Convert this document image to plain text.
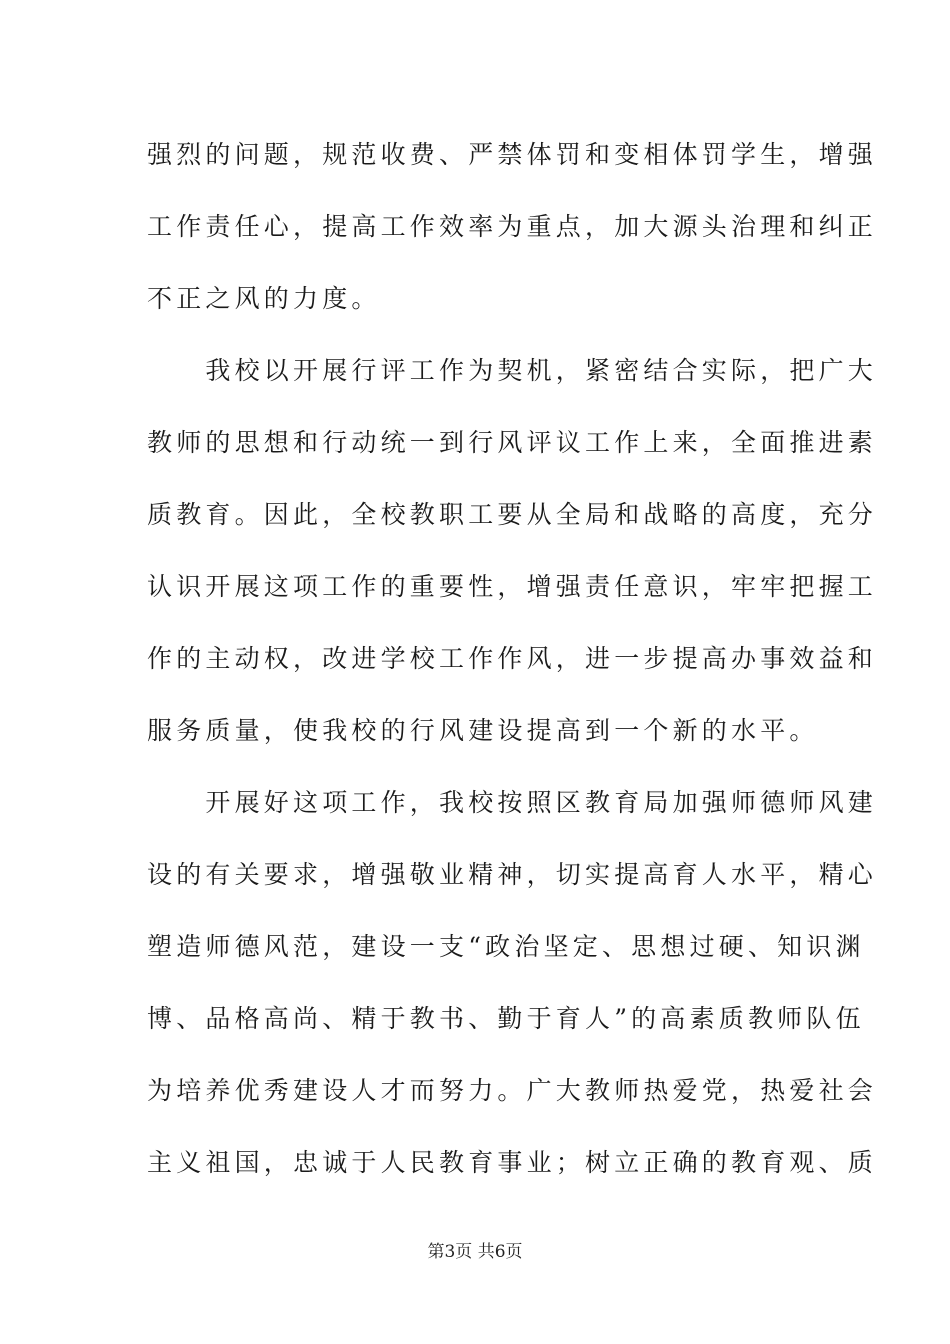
强烈的问题，规范收费、严禁体罚和变相体罚学生，增强
工作责任心，提高工作效率为重点，加大源头治理和纠正
不正之风的力度。
　　我校以开展行评工作为契机，紧密结合实际，把广大
教师的思想和行动统一到行风评议工作上来，全面推进素
质教育。因此，全校教职工要从全局和战略的高度，充分
认识开展这项工作的重要性，增强责任意识，牢牢把握工
作的主动权，改进学校工作作风，进一步提高办事效益和
服务质量，使我校的行风建设提高到一个新的水平。
　　开展好这项工作，我校按照区教育局加强师德师风建
设的有关要求，增强敬业精神，切实提高育人水平，精心
塑造师德风范，建设一支“政治坚定、思想过硬、知识渊
博、品格高尚、精于教书、勤于育人”的高素质教师队伍
为培养优秀建设人才而努力。广大教师热爱党，热爱社会
主义祖国，忠诚于人民教育事业；树立正确的教育观、质
第3页 共6页
